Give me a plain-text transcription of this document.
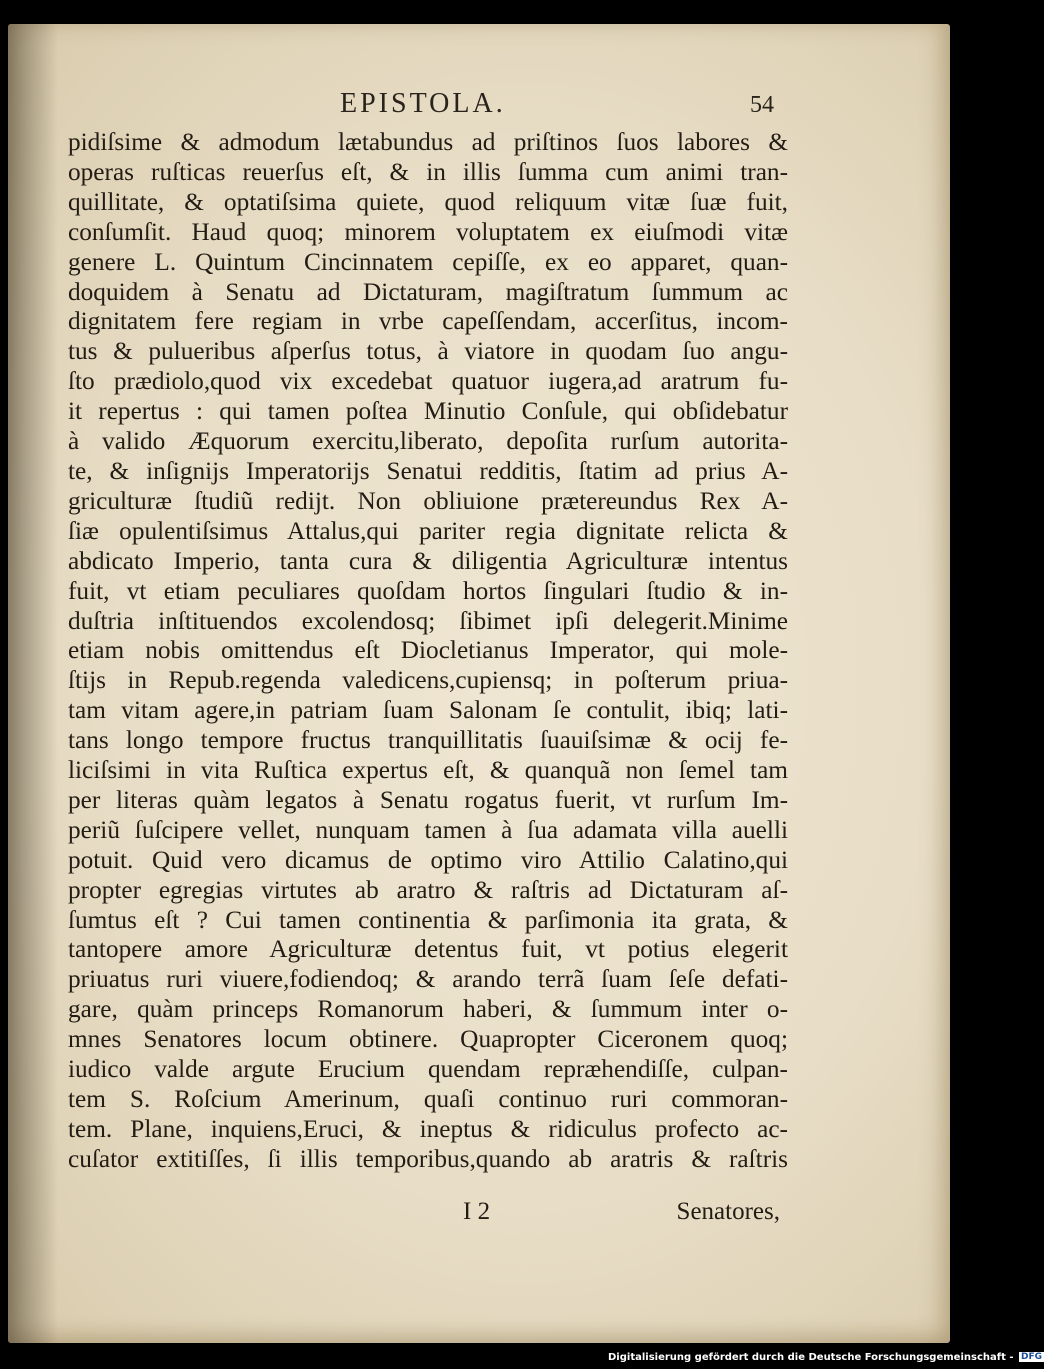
EPISTOLA.	54
pidiſsime & admodum lætabundus ad priſtinos ſuos labores &
operas ruſticas reuerſus eſt, & in illis ſumma cum animi tran-
quillitate, & optatiſsima quiete, quod reliquum vitæ ſuæ fuit,
conſumſit. Haud quoq; minorem voluptatem ex eiuſmodi vitæ
genere L. Quintum Cincinnatem cepiſſe, ex eo apparet, quan-
doquidem à Senatu ad Dictaturam, magiſtratum ſummum ac
dignitatem fere regiam in vrbe capeſſendam, accerſitus, incom-
tus & pulueribus aſperſus totus, à viatore in quodam ſuo angu-
ſto prædiolo,quod vix excedebat quatuor iugera,ad aratrum fu-
it repertus : qui tamen poſtea Minutio Conſule, qui obſidebatur
à valido Æquorum exercitu,liberato, depoſita rurſum autorita-
te, & inſignijs Imperatorijs Senatui redditis, ſtatim ad prius A-
griculturæ ſtudiũ redijt. Non obliuione prætereundus Rex A-
ſiæ opulentiſsimus Attalus,qui pariter regia dignitate relicta &
abdicato Imperio, tanta cura & diligentia Agriculturæ intentus
fuit, vt etiam peculiares quoſdam hortos ſingulari ſtudio & in-
duſtria inſtituendos excolendosq; ſibimet ipſi delegerit.Minime
etiam nobis omittendus eſt Diocletianus Imperator, qui mole-
ſtijs in Repub.regenda valedicens,cupiensq; in poſterum priua-
tam vitam agere,in patriam ſuam Salonam ſe contulit, ibiq; lati-
tans longo tempore fructus tranquillitatis ſuauiſsimæ & ocij fe-
liciſsimi in vita Ruſtica expertus eſt, & quanquã non ſemel tam
per literas quàm legatos à Senatu rogatus fuerit, vt rurſum Im-
periũ ſuſcipere vellet, nunquam tamen à ſua adamata villa auelli
potuit. Quid vero dicamus de optimo viro Attilio Calatino,qui
propter egregias virtutes ab aratro & raſtris ad Dictaturam aſ-
ſumtus eſt ? Cui tamen continentia & parſimonia ita grata, &
tantopere amore Agriculturæ detentus fuit, vt potius elegerit
priuatus ruri viuere,fodiendoq; & arando terrã ſuam ſeſe defati-
gare, quàm princeps Romanorum haberi, & ſummum inter o-
mnes Senatores locum obtinere. Quapropter Ciceronem quoq;
iudico valde argute Erucium quendam repræhendiſſe, culpan-
tem S. Roſcium Amerinum, quaſi continuo ruri commoran-
tem. Plane, inquiens,Eruci, & ineptus & ridiculus profecto ac-
cuſator extitiſſes, ſi illis temporibus,quando ab aratris & raſtris
I 2	Senatores,
Digitalisierung gefördert durch die Deutsche Forschungsgemeinschaft - DFG
